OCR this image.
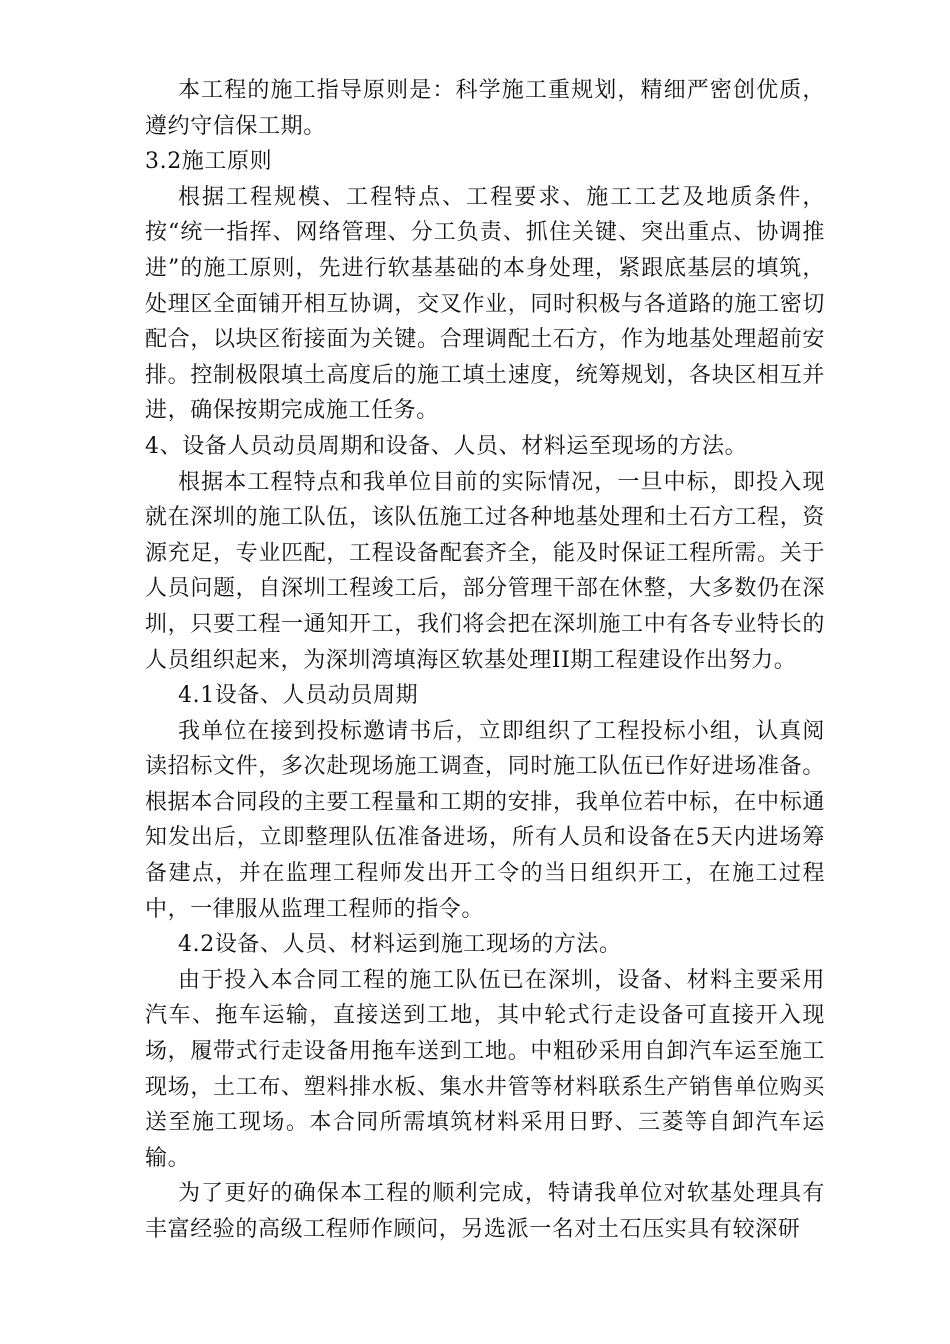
本工程的施工指导原则是：科学施工重规划，精细严密创优质，遵约守信保工期。

3.2施工原则

根据工程规模、工程特点、工程要求、施工工艺及地质条件，按“统一指挥、网络管理、分工负责、抓住关键、突出重点、协调推进”的施工原则，先进行软基基础的本身处理，紧跟底基层的填筑，处理区全面铺开相互协调，交叉作业，同时积极与各道路的施工密切配合，以块区衔接面为关键。合理调配土石方，作为地基处理超前安排。控制极限填土高度后的施工填土速度，统筹规划，各块区相互并进，确保按期完成施工任务。

4、设备人员动员周期和设备、人员、材料运至现场的方法。

根据本工程特点和我单位目前的实际情况，一旦中标，即投入现就在深圳的施工队伍，该队伍施工过各种地基处理和土石方工程，资源充足，专业匹配，工程设备配套齐全，能及时保证工程所需。关于人员问题，自深圳工程竣工后，部分管理干部在休整，大多数仍在深圳，只要工程一通知开工，我们将会把在深圳施工中有各专业特长的人员组织起来，为深圳湾填海区软基处理II期工程建设作出努力。

4.1设备、人员动员周期

我单位在接到投标邀请书后，立即组织了工程投标小组，认真阅读招标文件，多次赴现场施工调查，同时施工队伍已作好进场准备。根据本合同段的主要工程量和工期的安排，我单位若中标，在中标通知发出后，立即整理队伍准备进场，所有人员和设备在5天内进场筹备建点，并在监理工程师发出开工令的当日组织开工，在施工过程中，一律服从监理工程师的指令。

4.2设备、人员、材料运到施工现场的方法。

由于投入本合同工程的施工队伍已在深圳，设备、材料主要采用汽车、拖车运输，直接送到工地，其中轮式行走设备可直接开入现场，履带式行走设备用拖车送到工地。中粗砂采用自卸汽车运至施工现场，土工布、塑料排水板、集水井管等材料联系生产销售单位购买送至施工现场。本合同所需填筑材料采用日野、三菱等自卸汽车运输。

为了更好的确保本工程的顺利完成，特请我单位对软基处理具有丰富经验的高级工程师作顾问，另选派一名对土石压实具有较深研
